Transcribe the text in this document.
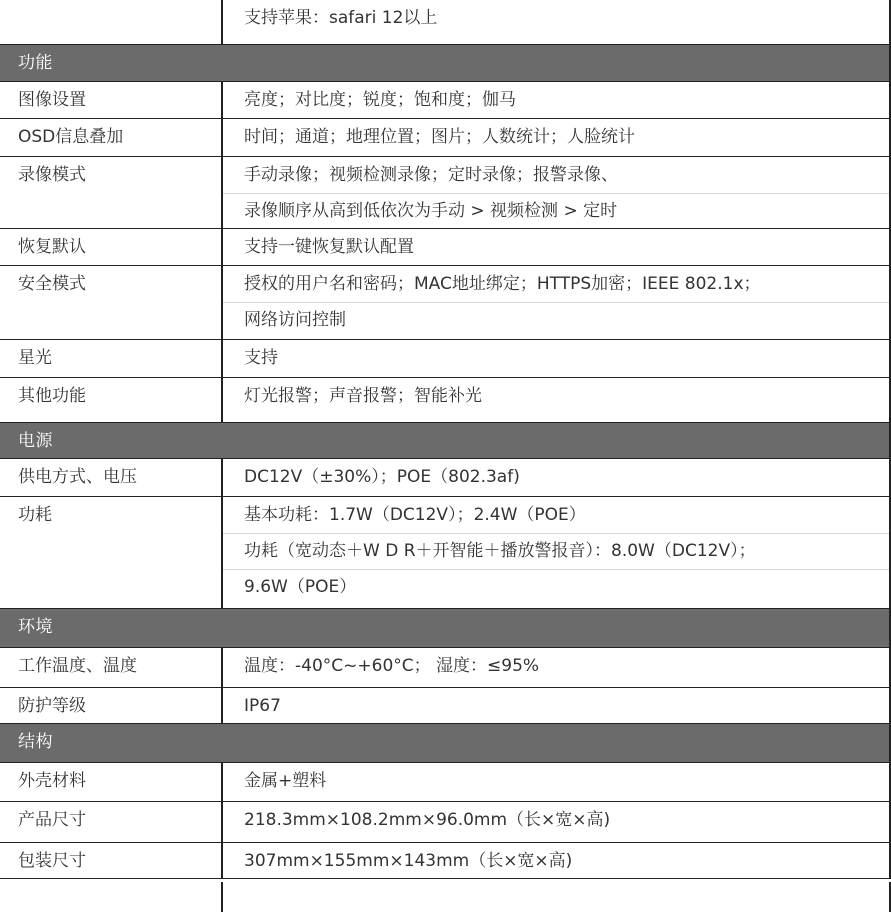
支持苹果：safari 12以上
功能
图像设置	亮度；对比度；锐度；饱和度；伽马
OSD信息叠加	时间；通道；地理位置；图片；人数统计；人脸统计
录像模式	手动录像；视频检测录像；定时录像；报警录像、
录像顺序从高到低依次为手动 > 视频检测 > 定时
恢复默认	支持一键恢复默认配置
安全模式	授权的用户名和密码；MAC地址绑定；HTTPS加密；IEEE 802.1x；
网络访问控制
星光	支持
其他功能	灯光报警；声音报警；智能补光
电源
供电方式、电压	DC12V（±30%）；POE（802.3af)
功耗	基本功耗：1.7W（DC12V）；2.4W（POE）
功耗（宽动态＋W D R＋开智能＋播放警报音）：8.0W（DC12V）；
9.6W（POE）
环境
工作温度、温度	温度：-40°C~+60°C； 湿度：≤95%
防护等级	IP67
结构
外壳材料	金属+塑料
产品尺寸	218.3mm×108.2mm×96.0mm（长×宽×高)
包装尺寸	307mm×155mm×143mm（长×宽×高)
